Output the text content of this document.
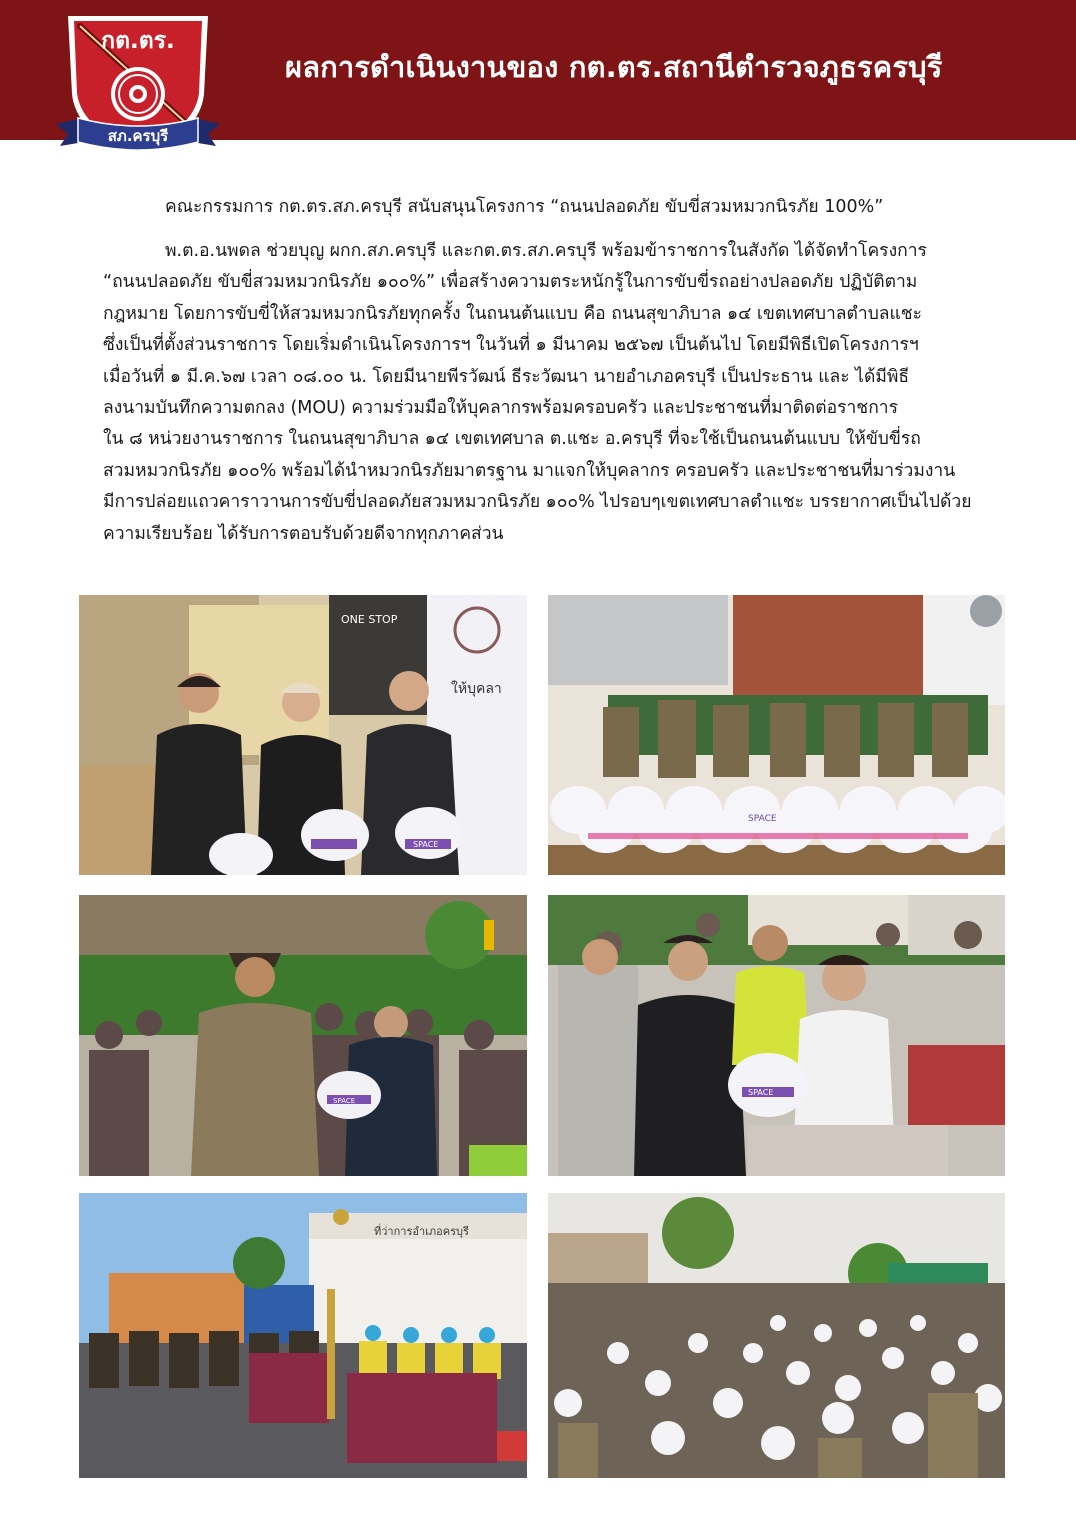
ผลการดำเนินงานของ กต.ตร.สถานีตำรวจภูธรครบุรี
กต.ตร.
สภ.ครบุรี
คณะกรรมการ กต.ตร.สภ.ครบุรี สนับสนุนโครงการ “ถนนปลอดภัย ขับขี่สวมหมวกนิรภัย 100%”
พ.ต.อ.นพดล ช่วยบุญ ผกก.สภ.ครบุรี และกต.ตร.สภ.ครบุรี พร้อมข้าราชการในสังกัด ได้จัดทำโครงการ
“ถนนปลอดภัย ขับขี่สวมหมวกนิรภัย ๑๐๐%” เพื่อสร้างความตระหนักรู้ในการขับขี่รถอย่างปลอดภัย ปฏิบัติตาม
กฎหมาย โดยการขับขี่ให้สวมหมวกนิรภัยทุกครั้ง ในถนนต้นแบบ คือ ถนนสุขาภิบาล ๑๔ เขตเทศบาลตำบลแชะ
ซึ่งเป็นที่ตั้งส่วนราชการ โดยเริ่มดำเนินโครงการฯ ในวันที่ ๑ มีนาคม ๒๕๖๗ เป็นต้นไป โดยมีพิธีเปิดโครงการฯ
เมื่อวันที่ ๑ มี.ค.๖๗ เวลา ๐๘.๐๐ น. โดยมีนายพีรวัฒน์ ธีระวัฒนา นายอำเภอครบุรี เป็นประธาน และ ได้มีพิธี
ลงนามบันทึกความตกลง (MOU) ความร่วมมือให้บุคลากรพร้อมครอบครัว และประชาชนที่มาติดต่อราชการ
ใน ๘ หน่วยงานราชการ ในถนนสุขาภิบาล ๑๔ เขตเทศบาล ต.แชะ อ.ครบุรี ที่จะใช้เป็นถนนต้นแบบ ให้ขับขี่รถ
สวมหมวกนิรภัย ๑๐๐% พร้อมได้นำหมวกนิรภัยมาตรฐาน มาแจกให้บุคลากร ครอบครัว และประชาชนที่มาร่วมงาน
มีการปล่อยแถวคาราวานการขับขี่ปลอดภัยสวมหมวกนิรภัย ๑๐๐% ไปรอบๆเขตเทศบาลตำแชะ บรรยากาศเป็นไปด้วย
ความเรียบร้อย ได้รับการตอบรับด้วยดีจากทุกภาคส่วน
ONE STOP
ให้บุคลา
SPACE
SPACE
SPACE
SPACE
ที่ว่าการอำเภอครบุรี
